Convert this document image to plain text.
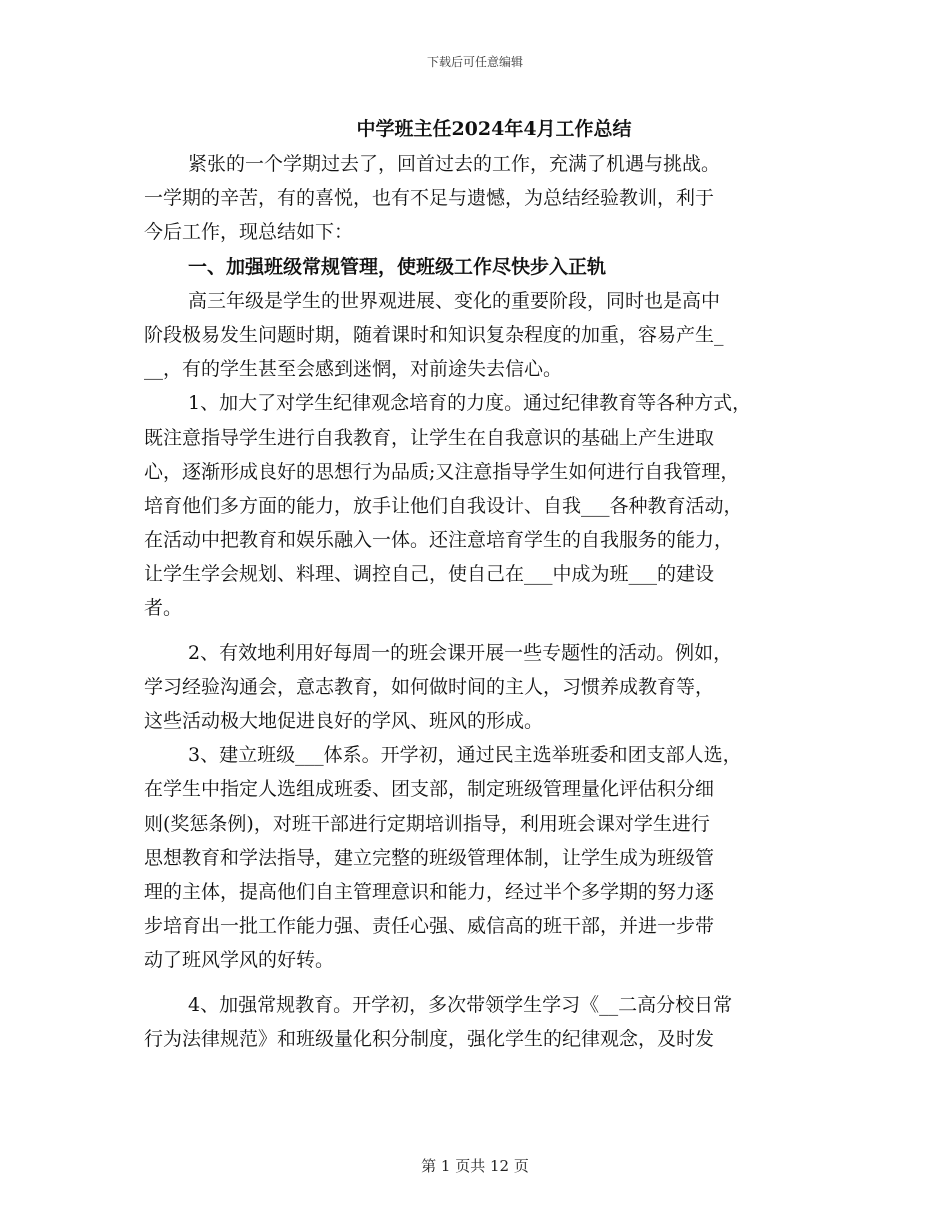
下载后可任意编辑
中学班主任2024年4月工作总结
紧张的一个学期过去了，回首过去的工作，充满了机遇与挑战。
一学期的辛苦，有的喜悦，也有不足与遗憾，为总结经验教训，利于
今后工作，现总结如下：
一、加强班级常规管理，使班级工作尽快步入正轨
高三年级是学生的世界观进展、变化的重要阶段，同时也是高中
阶段极易发生问题时期，随着课时和知识复杂程度的加重，容易产生_
__，有的学生甚至会感到迷惘，对前途失去信心。
1、加大了对学生纪律观念培育的力度。通过纪律教育等各种方式，
既注意指导学生进行自我教育，让学生在自我意识的基础上产生进取
心，逐渐形成良好的思想行为品质;又注意指导学生如何进行自我管理，
培育他们多方面的能力，放手让他们自我设计、自我___各种教育活动，
在活动中把教育和娱乐融入一体。还注意培育学生的自我服务的能力，
让学生学会规划、料理、调控自己，使自己在___中成为班___的建设
者。
2、有效地利用好每周一的班会课开展一些专题性的活动。例如，
学习经验沟通会，意志教育，如何做时间的主人，习惯养成教育等，
这些活动极大地促进良好的学风、班风的形成。
3、建立班级___体系。开学初，通过民主选举班委和团支部人选，
在学生中指定人选组成班委、团支部，制定班级管理量化评估积分细
则(奖惩条例)，对班干部进行定期培训指导，利用班会课对学生进行
思想教育和学法指导，建立完整的班级管理体制，让学生成为班级管
理的主体，提高他们自主管理意识和能力，经过半个多学期的努力逐
步培育出一批工作能力强、责任心强、威信高的班干部，并进一步带
动了班风学风的好转。
4、加强常规教育。开学初，多次带领学生学习《__二高分校日常
行为法律规范》和班级量化积分制度，强化学生的纪律观念，及时发
第 1 页共 12 页
